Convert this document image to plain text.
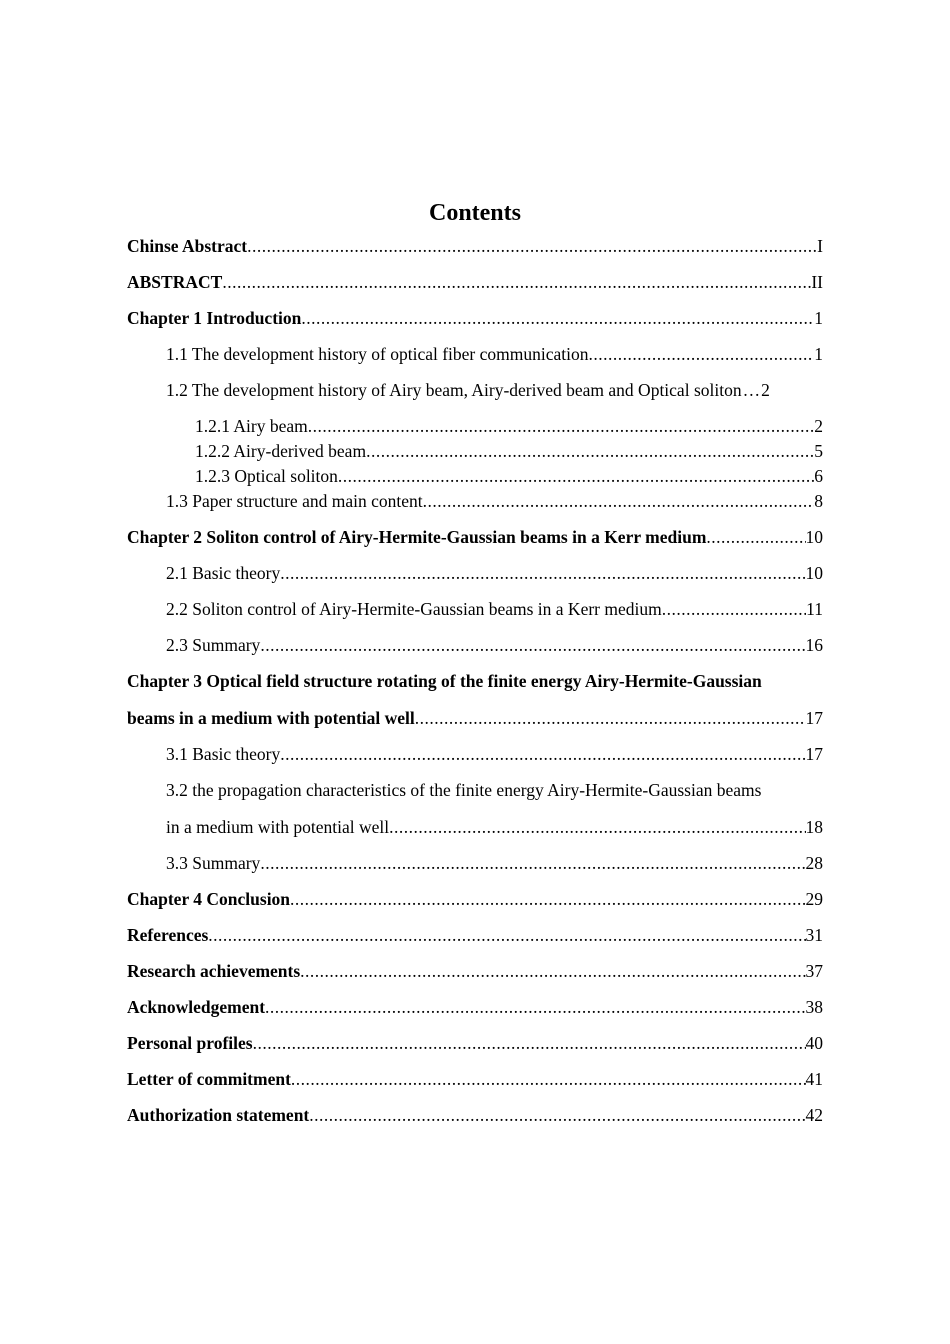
Contents
Chinse Abstract .....	I
ABSTRACT .....	II
Chapter 1 Introduction .....	1
1.1 The development history of optical fiber communication .....	1
1.2 The development history of Airy beam, Airy-derived beam and Optical soliton … 2
1.2.1 Airy beam .....	2
1.2.2 Airy-derived beam .....	5
1.2.3 Optical soliton .....	6
1.3 Paper structure and main content .....	8
Chapter 2 Soliton control of Airy-Hermite-Gaussian beams in a Kerr medium .....	10
2.1 Basic theory .....	10
2.2 Soliton control of Airy-Hermite-Gaussian beams in a Kerr medium .....	11
2.3 Summary .....	16
Chapter 3 Optical field structure rotating of the finite energy Airy-Hermite-Gaussian
beams in a medium with potential well .....	17
3.1 Basic theory .....	17
3.2 the propagation characteristics of the finite energy Airy-Hermite-Gaussian beams
in a medium with potential well .....	18
3.3 Summary .....	28
Chapter 4 Conclusion .....	29
References .....	31
Research achievements .....	37
Acknowledgement .....	38
Personal profiles .....	40
Letter of commitment .....	41
Authorization statement .....	42
